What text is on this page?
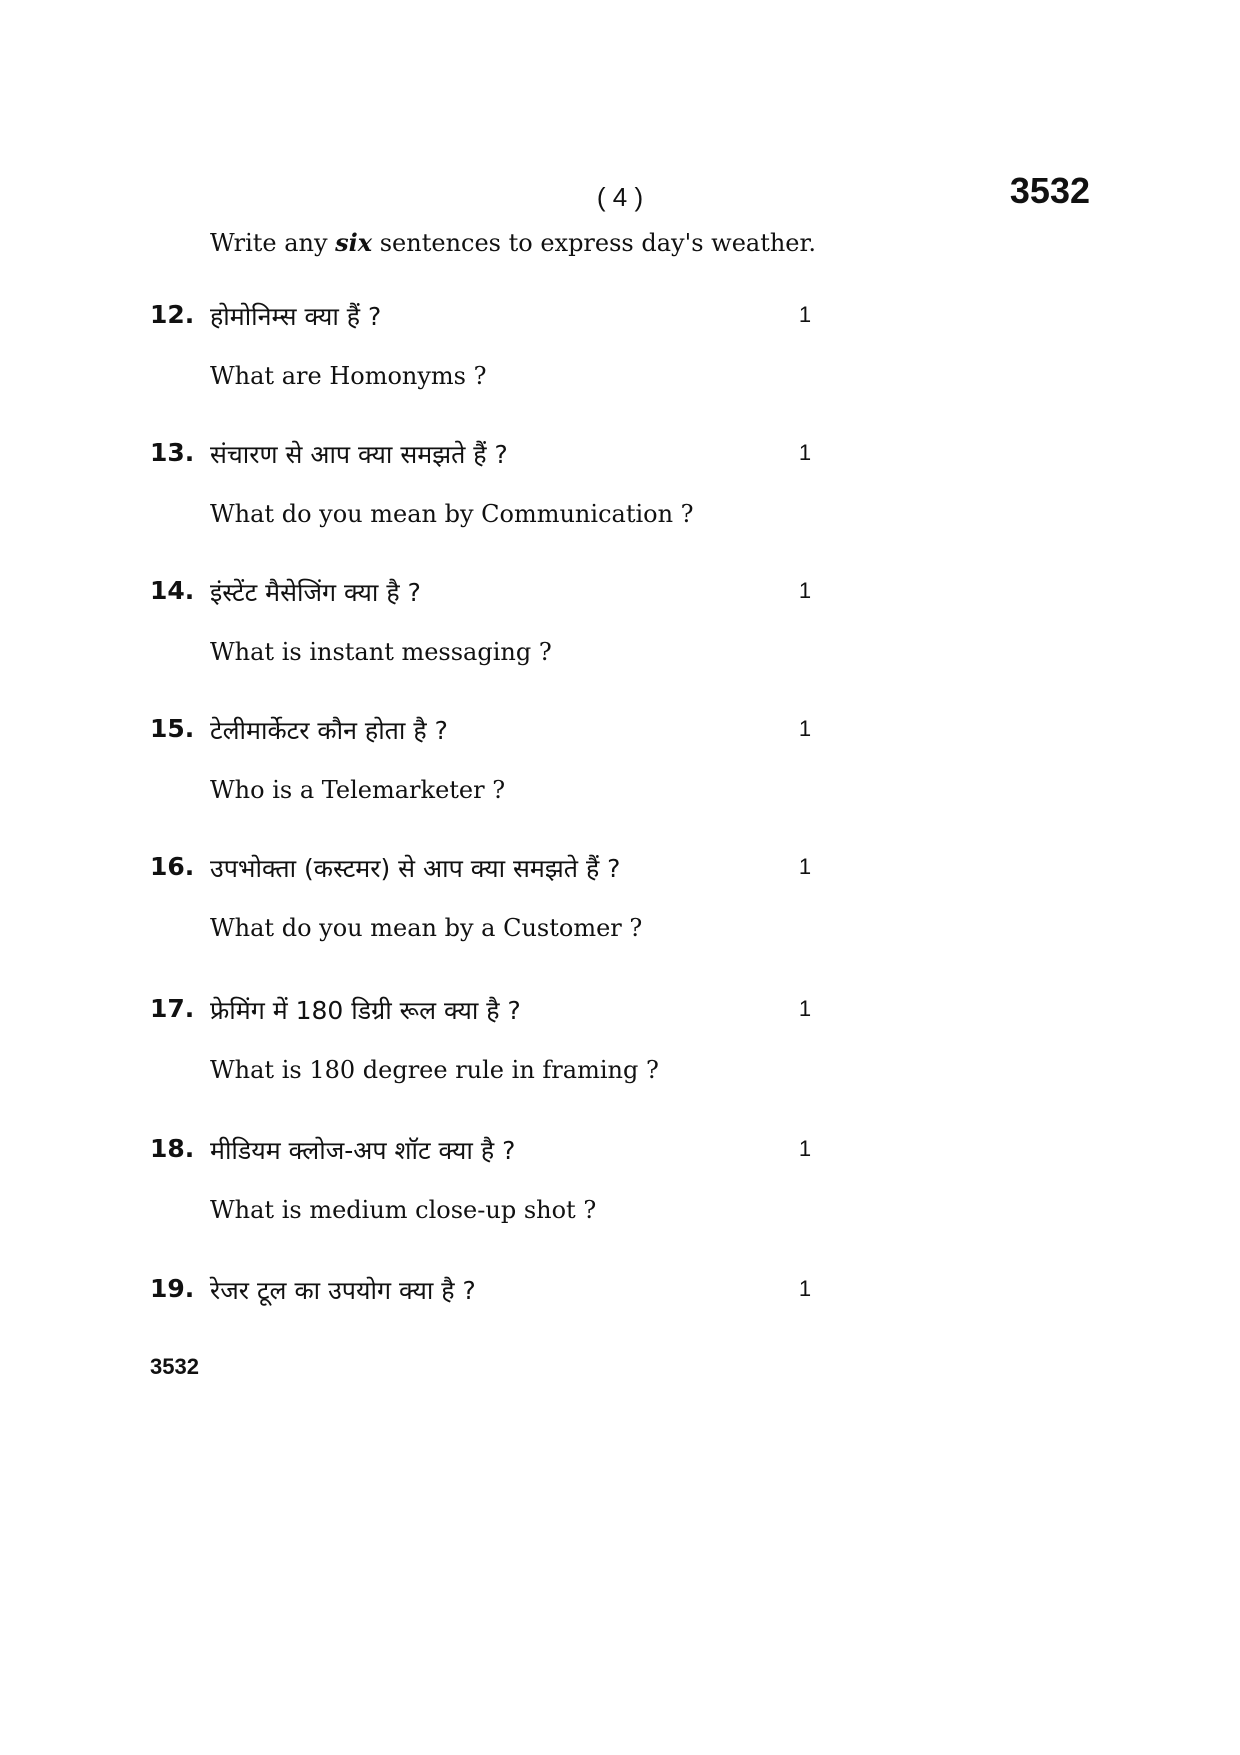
( 4 )	3532
Write any six sentences to express day's weather.
12. होमोनिम्स क्या हैं ?	1
What are Homonyms ?
13. संचारण से आप क्या समझते हैं ?	1
What do you mean by Communication ?
14. इंस्टेंट मैसेजिंग क्या है ?	1
What is instant messaging ?
15. टेलीमार्केटर कौन होता है ?	1
Who is a Telemarketer ?
16. उपभोक्ता (कस्टमर) से आप क्या समझते हैं ?	1
What do you mean by a Customer ?
17. फ्रेमिंग में 180 डिग्री रूल क्या है ?	1
What is 180 degree rule in framing ?
18. मीडियम क्लोज-अप शॉट क्या है ?	1
What is medium close-up shot ?
19. रेजर टूल का उपयोग क्या है ?	1
3532
